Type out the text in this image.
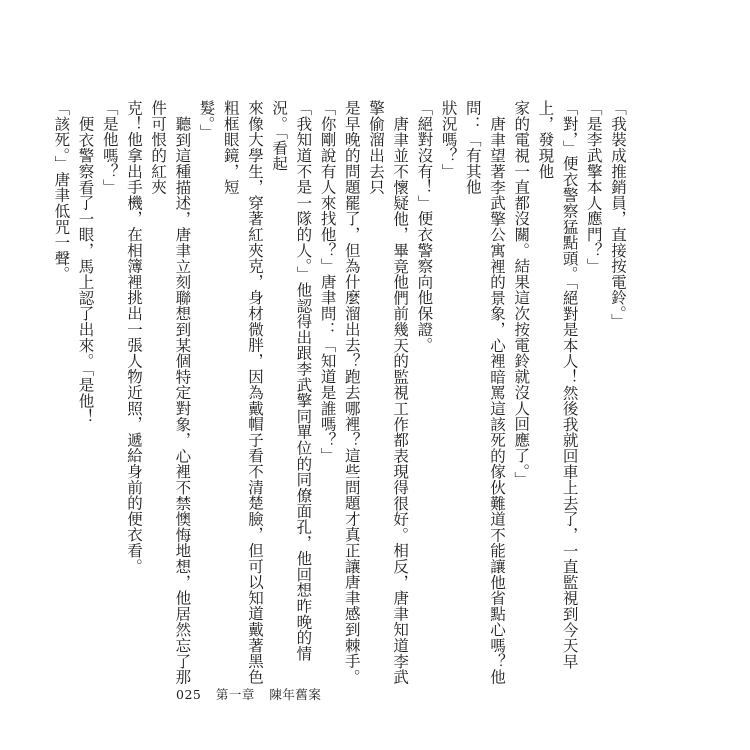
「我裝成推銷員，直接按電鈴。」

「是李武擎本人應門？」

「對，」便衣警察猛點頭。「絕對是本人！然後我就回車上去了，一直監視到今天早上，發現他

家的電視一直都沒關。結果這次按電鈴就沒人回應了。」

唐聿望著李武擎公寓裡的景象，心裡暗罵這該死的傢伙難道不能讓他省點心嗎？他問：「有其他

狀況嗎？」

「絕對沒有！」便衣警察向他保證。

唐聿並不懷疑他，畢竟他們前幾天的監視工作都表現得很好。相反，唐聿知道李武擎偷溜出去只

是早晚的問題罷了，但為什麼溜出去？跑去哪裡？這些問題才真正讓唐聿感到棘手。

「你剛說有人來找他？」唐聿問：「知道是誰嗎？」

「我知道不是一隊的人。」他認得出跟李武擎同單位的同僚面孔，他回想昨晚的情況。「看起

來像大學生，穿著紅夾克，身材微胖，因為戴帽子看不清楚臉，但可以知道戴著黑色粗框眼鏡，短

髮。」

聽到這種描述，唐聿立刻聯想到某個特定對象，心裡不禁懊悔地想，他居然忘了那件可恨的紅夾

克！他拿出手機，在相簿裡挑出一張人物近照，遞給身前的便衣看。

「是他嗎？」

便衣警察看了一眼，馬上認了出來。「是他！

「該死。」唐聿低咒一聲。

025 第一章 陳年舊案
